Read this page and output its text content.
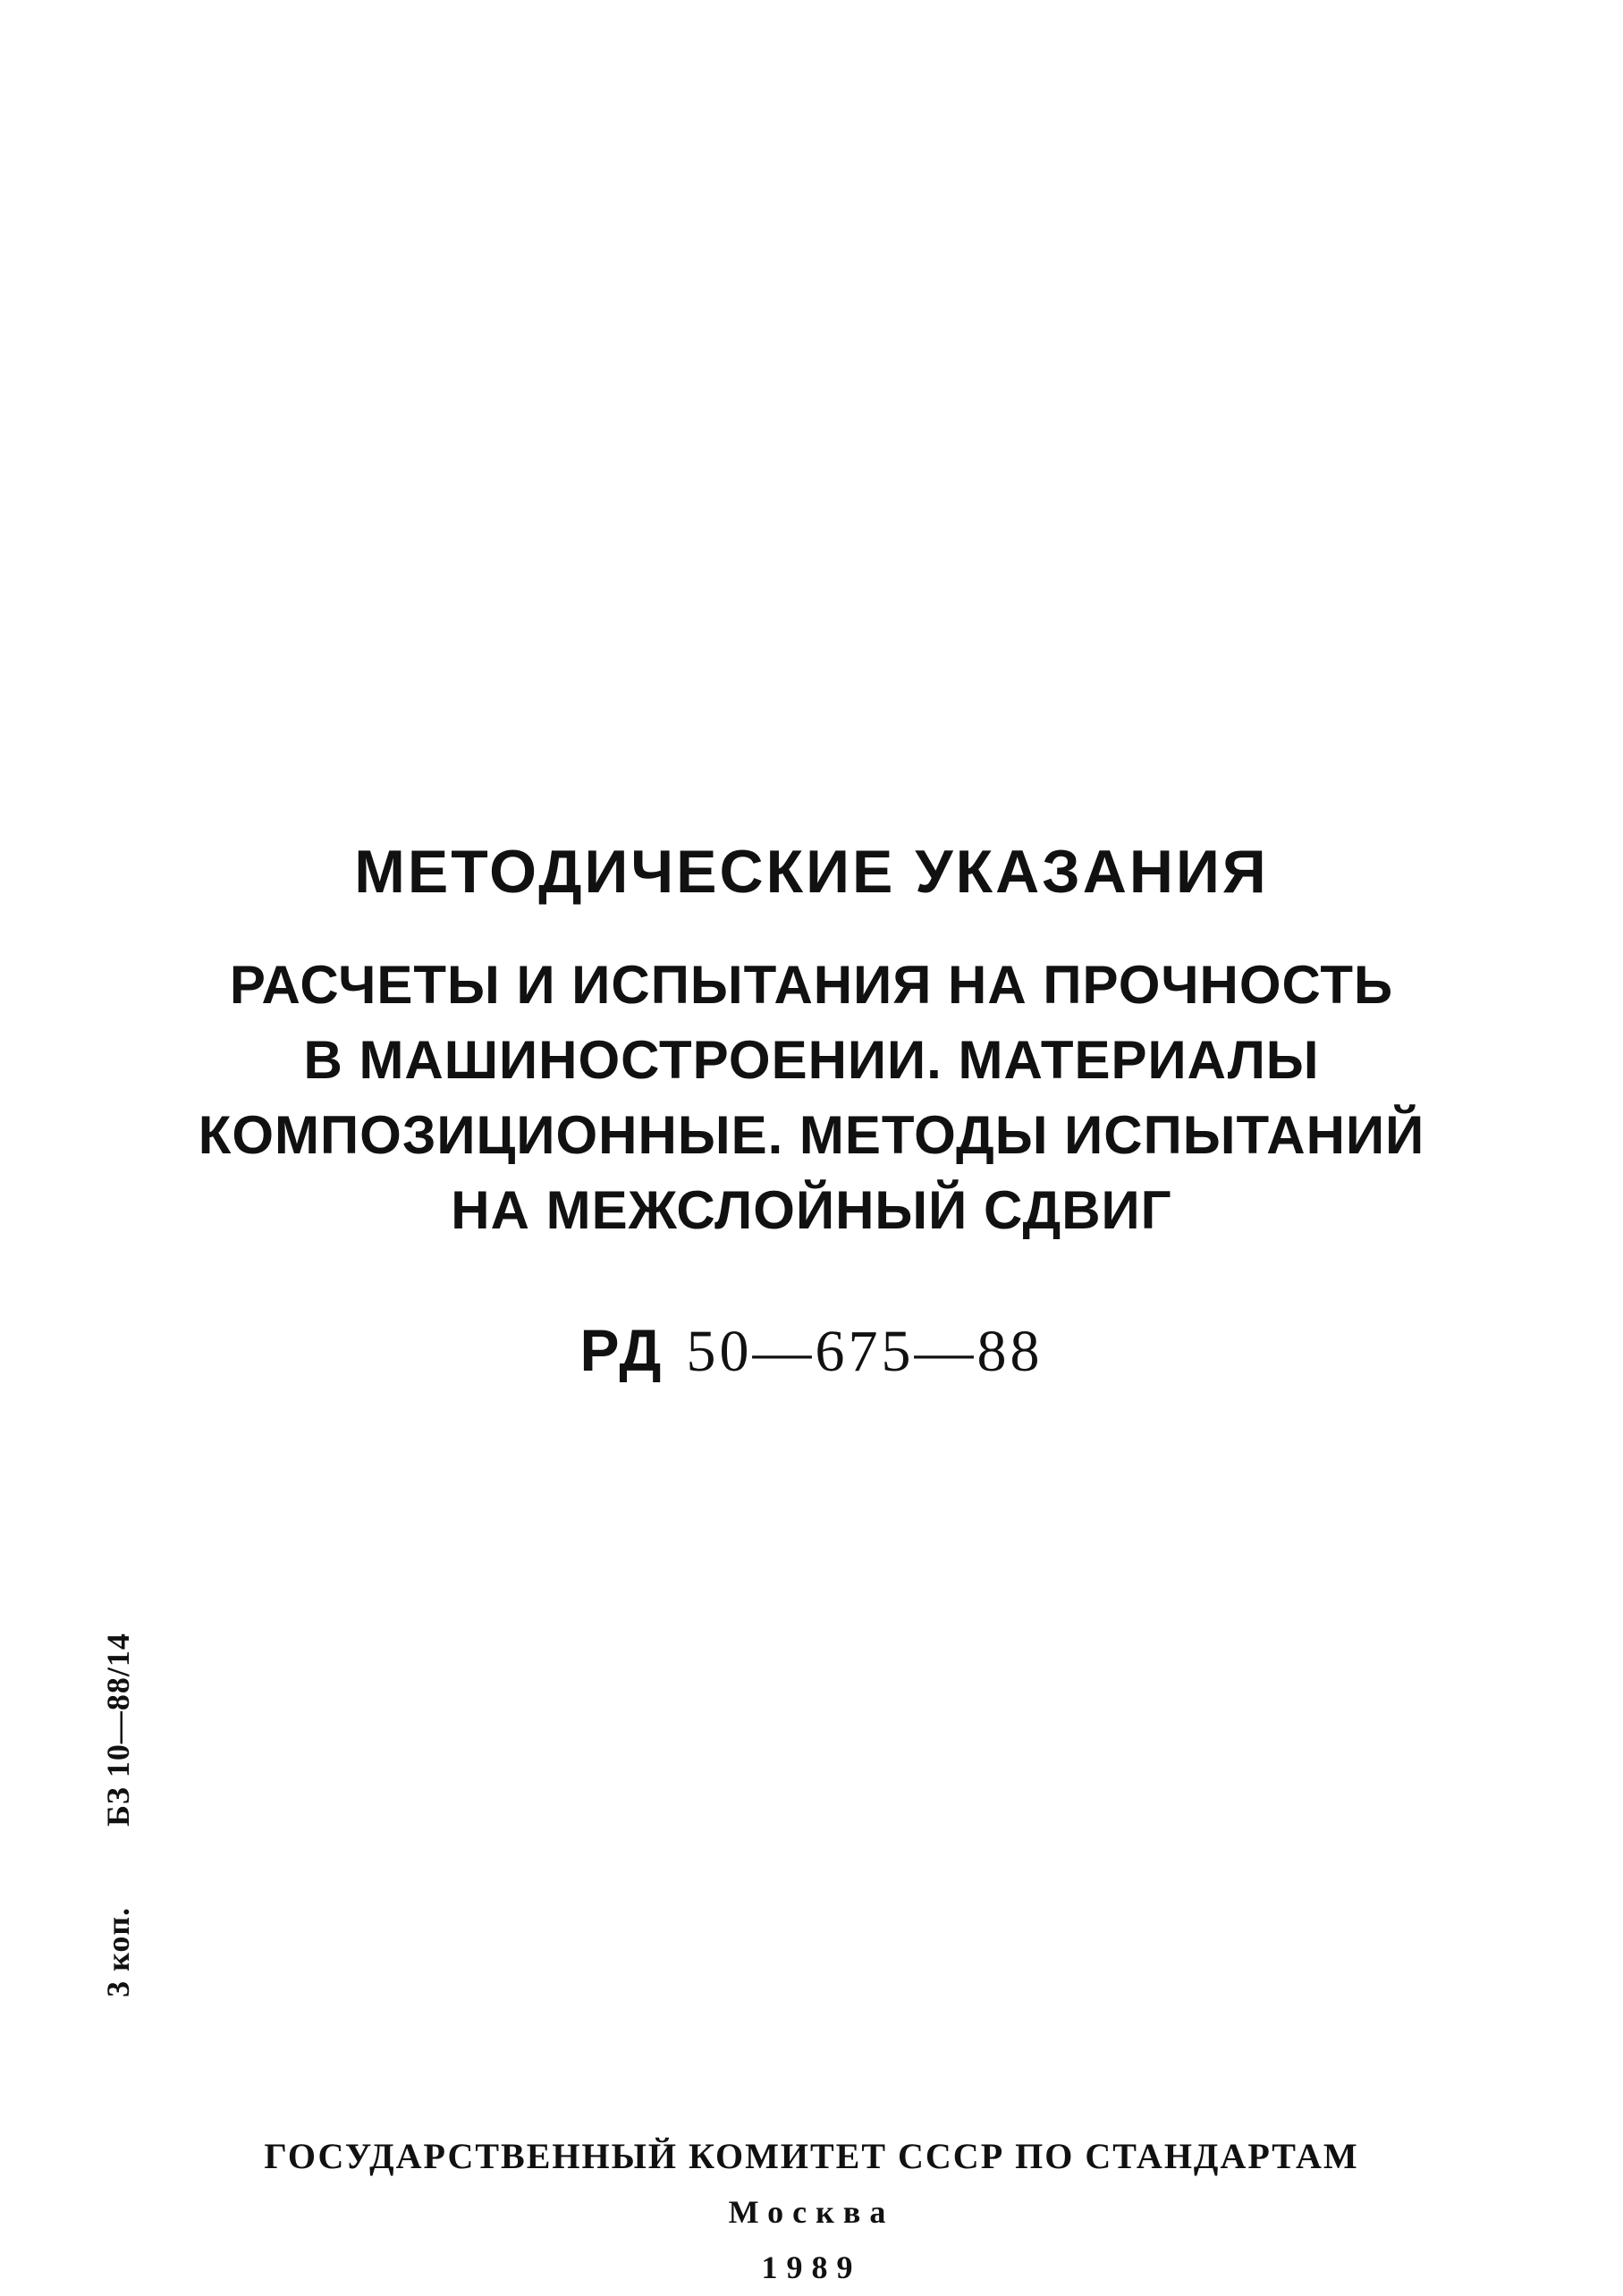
МЕТОДИЧЕСКИЕ УКАЗАНИЯ
РАСЧЕТЫ И ИСПЫТАНИЯ НА ПРОЧНОСТЬ
В МАШИНОСТРОЕНИИ. МАТЕРИАЛЫ
КОМПОЗИЦИОННЫЕ. МЕТОДЫ ИСПЫТАНИЙ
НА МЕЖСЛОЙНЫЙ СДВИГ
РД 50—675—88
3 коп.БЗ 10—88/14
ГОСУДАРСТВЕННЫЙ КОМИТЕТ СССР ПО СТАНДАРТАМ
Москва
1989
